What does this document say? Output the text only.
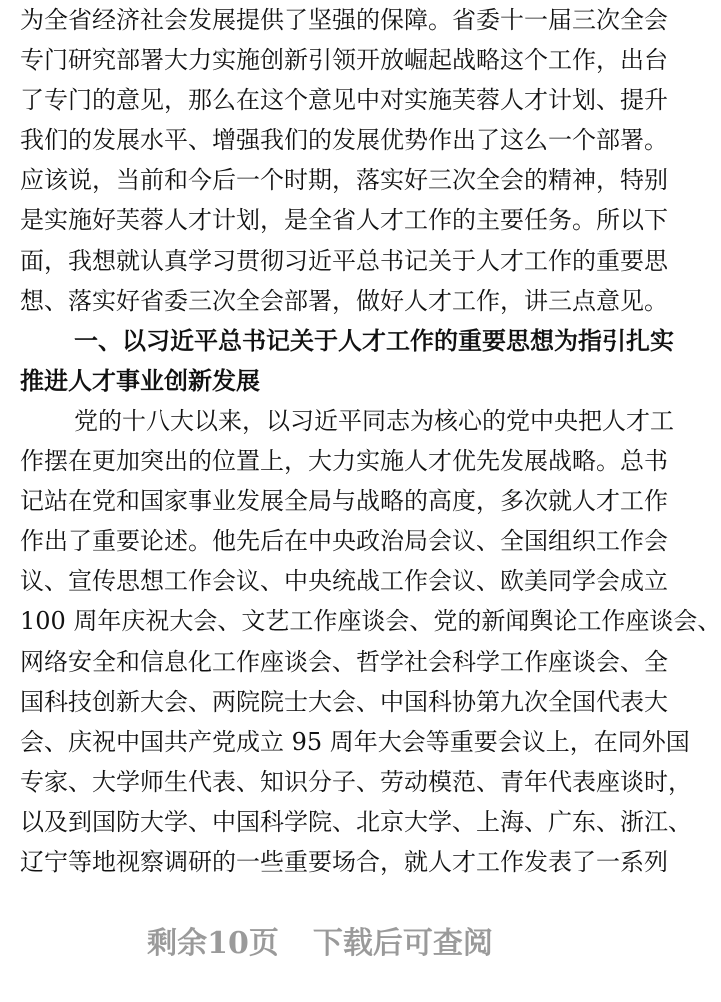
为全省经济社会发展提供了坚强的保障。省委十一届三次全会
专门研究部署大力实施创新引领开放崛起战略这个工作，出台
了专门的意见，那么在这个意见中对实施芙蓉人才计划、提升
我们的发展水平、增强我们的发展优势作出了这么一个部署。
应该说，当前和今后一个时期，落实好三次全会的精神，特别
是实施好芙蓉人才计划，是全省人才工作的主要任务。所以下
面，我想就认真学习贯彻习近平总书记关于人才工作的重要思
想、落实好省委三次全会部署，做好人才工作，讲三点意见。
一、以习近平总书记关于人才工作的重要思想为指引扎实
推进人才事业创新发展
党的十八大以来，以习近平同志为核心的党中央把人才工
作摆在更加突出的位置上，大力实施人才优先发展战略。总书
记站在党和国家事业发展全局与战略的高度，多次就人才工作
作出了重要论述。他先后在中央政治局会议、全国组织工作会
议、宣传思想工作会议、中央统战工作会议、欧美同学会成立
100 周年庆祝大会、文艺工作座谈会、党的新闻舆论工作座谈会、
网络安全和信息化工作座谈会、哲学社会科学工作座谈会、全
国科技创新大会、两院院士大会、中国科协第九次全国代表大
会、庆祝中国共产党成立 95 周年大会等重要会议上，在同外国
专家、大学师生代表、知识分子、劳动模范、青年代表座谈时，
以及到国防大学、中国科学院、北京大学、上海、广东、浙江、
辽宁等地视察调研的一些重要场合，就人才工作发表了一系列
剩余10页 下载后可查阅
